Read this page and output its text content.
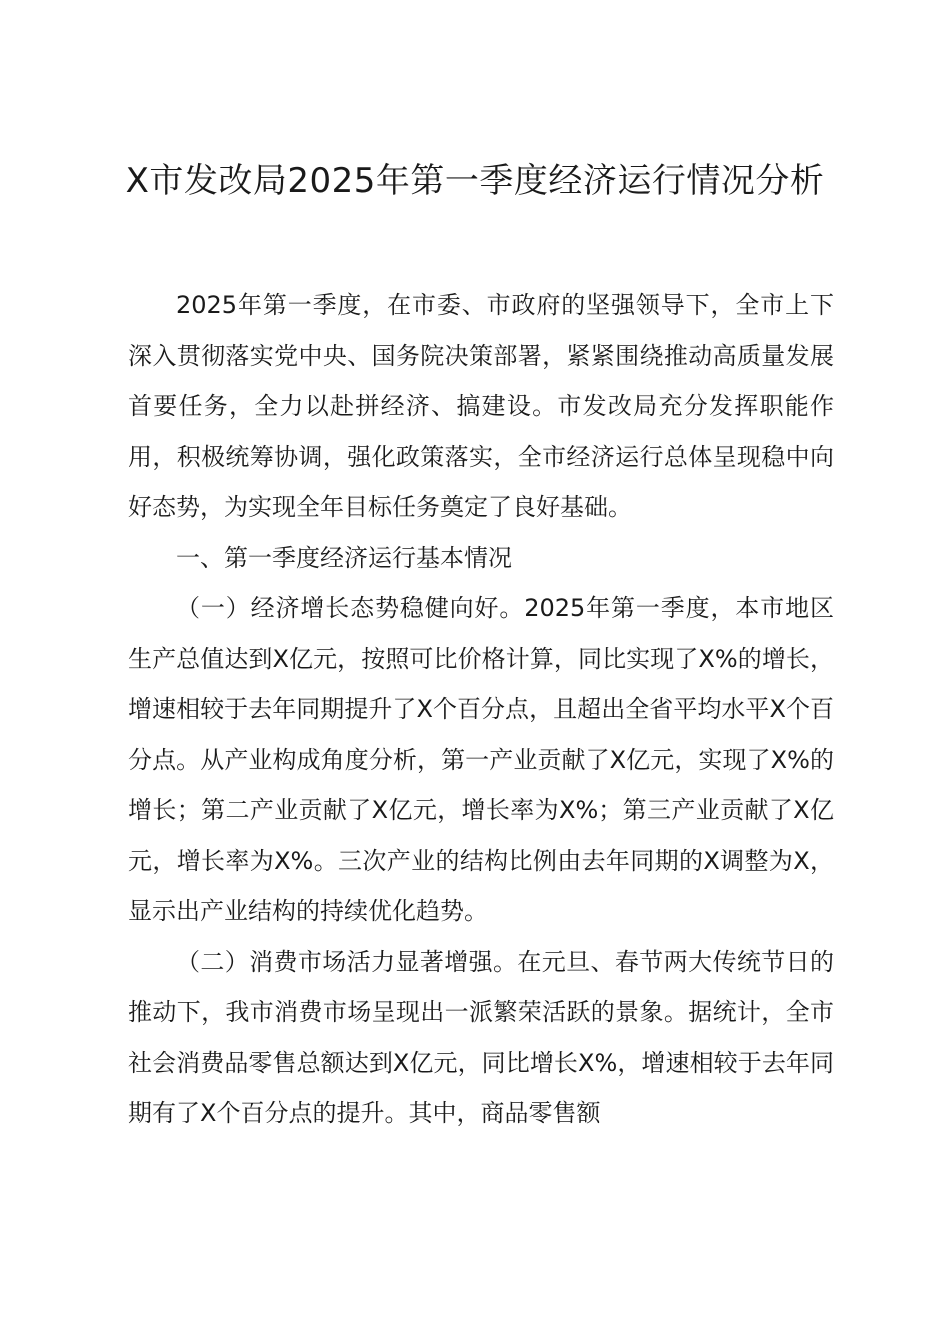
X市发改局2025年第一季度经济运行情况分析

2025年第一季度，在市委、市政府的坚强领导下，全市上下深入贯彻落实党中央、国务院决策部署，紧紧围绕推动高质量发展首要任务，全力以赴拼经济、搞建设。市发改局充分发挥职能作用，积极统筹协调，强化政策落实，全市经济运行总体呈现稳中向好态势，为实现全年目标任务奠定了良好基础。

一、第一季度经济运行基本情况

（一）经济增长态势稳健向好。2025年第一季度，本市地区生产总值达到X亿元，按照可比价格计算，同比实现了X%的增长，增速相较于去年同期提升了X个百分点，且超出全省平均水平X个百分点。从产业构成角度分析，第一产业贡献了X亿元，实现了X%的增长；第二产业贡献了X亿元，增长率为X%；第三产业贡献了X亿元，增长率为X%。三次产业的结构比例由去年同期的X调整为X，显示出产业结构的持续优化趋势。

（二）消费市场活力显著增强。在元旦、春节两大传统节日的推动下，我市消费市场呈现出一派繁荣活跃的景象。据统计，全市社会消费品零售总额达到X亿元，同比增长X%，增速相较于去年同期有了X个百分点的提升。其中，商品零售额
